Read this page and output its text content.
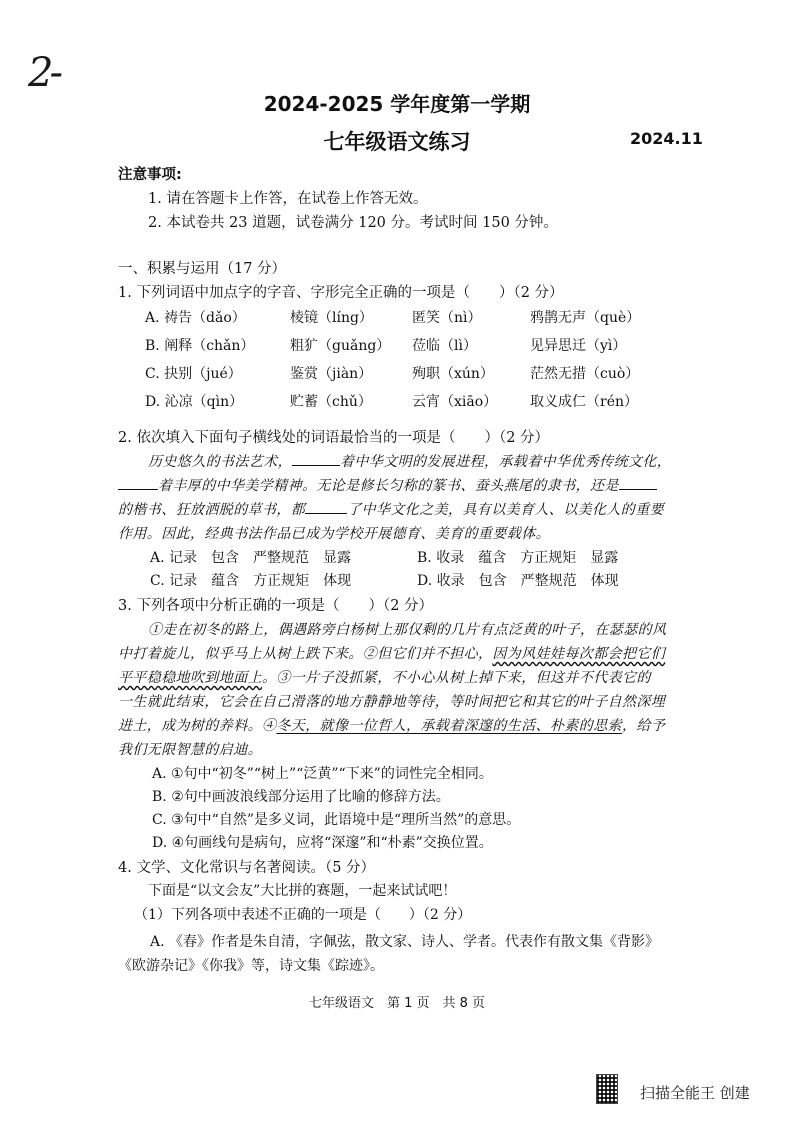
2-
2024-2025 学年度第一学期
七年级语文练习	2024.11
注意事项:
1. 请在答题卡上作答，在试卷上作答无效。
2. 本试卷共 23 道题，试卷满分 120 分。考试时间 150 分钟。
一、积累与运用（17 分）
1. 下列词语中加点字的字音、字形完全正确的一项是（　　）（2 分）
A. 祷告（dǎo）	棱镜（líng）	匿笑（nì）	鸦鹊无声（què）
B. 阐释（chǎn）	粗犷（guǎng） 莅临（lì）	见异思迁（yì）
C. 抉别（jué）	鉴赏（jiàn）	殉职（xún）	茫然无措（cuò）
D. 沁凉（qìn）	贮蓄（chǔ）	云宵（xiāo） 取义成仁（rén）
2. 依次填入下面句子横线处的词语最恰当的一项是（　　）（2 分）
历史悠久的书法艺术，	着中华文明的发展进程，承载着中华优秀传统文化，
着丰厚的中华美学精神。无论是修长匀称的篆书、蚕头燕尾的隶书，还是
的楷书、狂放洒脱的草书，都	了中华文化之美，具有以美育人、以美化人的重要
作用。因此，经典书法作品已成为学校开展德育、美育的重要载体。
A. 记录　包含　严整规范　显露	B. 收录　蕴含　方正规矩　显露
C. 记录　蕴含　方正规矩　体现	D. 收录　包含　严整规范　体现
3. 下列各项中分析正确的一项是（　　）（2 分）
①走在初冬的路上，偶遇路旁白杨树上那仅剩的几片有点泛黄的叶子，在瑟瑟的风
中打着旋儿，似乎马上从树上跌下来。②但它们并不担心，因为风娃娃每次都会把它们
平平稳稳地吹到地面上。③一片子没抓紧，不小心从树上掉下来，但这并不代表它的
一生就此结束，它会在自己滑落的地方静静地等待，等时间把它和其它的叶子自然深埋
进土，成为树的养料。④冬天，就像一位哲人，承载着深邃的生活、朴素的思索，给予
我们无限智慧的启迪。
A. ①句中“初冬”“树上”“泛黄”“下来”的词性完全相同。
B. ②句中画波浪线部分运用了比喻的修辞方法。
C. ③句中“自然”是多义词，此语境中是“理所当然”的意思。
D. ④句画线句是病句，应将“深邃”和“朴素”交换位置。
4. 文学、文化常识与名著阅读。（5 分）
下面是“以文会友”大比拼的赛题，一起来试试吧！
（1）下列各项中表述不正确的一项是（　　）（2 分）
A. 《春》作者是朱自清，字佩弦，散文家、诗人、学者。代表作有散文集《背影》
《欧游杂记》《你我》等，诗文集《踪迹》。
七年级语文　第 1 页　共 8 页
扫描全能王 创建
